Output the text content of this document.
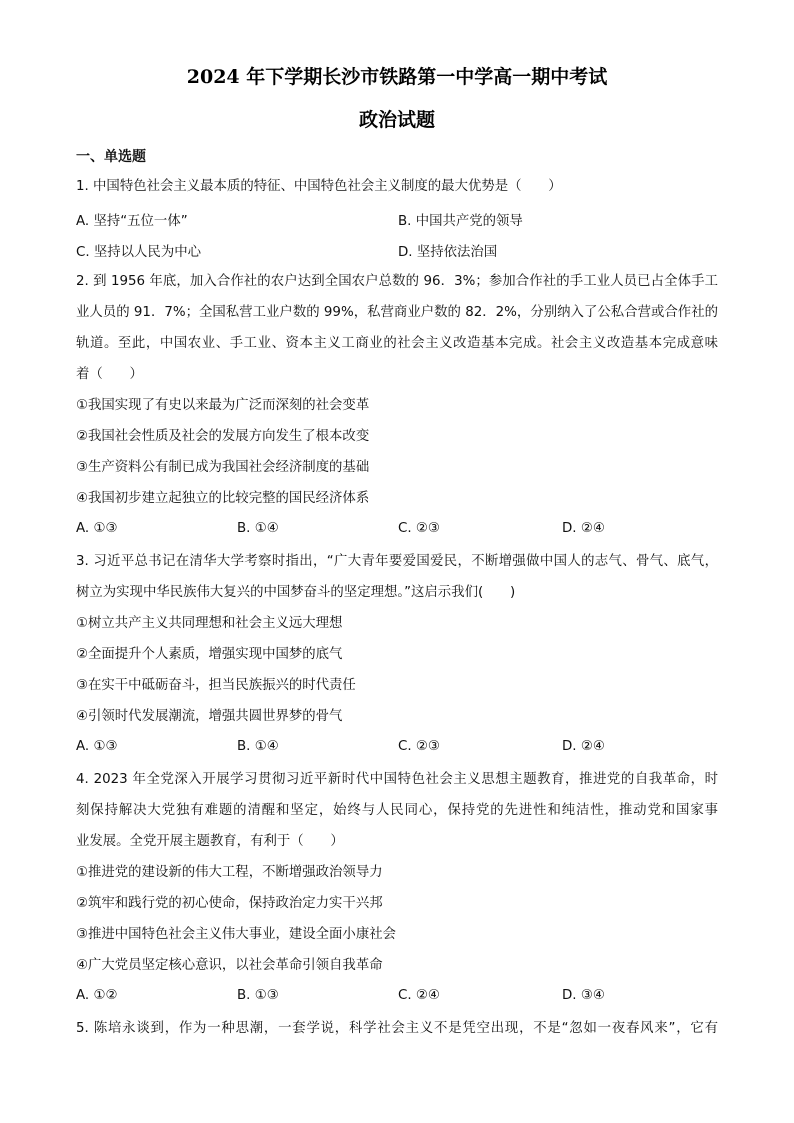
2024 年下学期长沙市铁路第一中学高一期中考试
政治试题
一、单选题
1. 中国特色社会主义最本质的特征、中国特色社会主义制度的最大优势是（　　）
A. 坚持“五位一体”	B. 中国共产党的领导
C. 坚持以人民为中心	D. 坚持依法治国
2. 到 1956 年底，加入合作社的农户达到全国农户总数的 96．3%；参加合作社的手工业人员已占全体手工
业人员的 91．7%；全国私营工业户数的 99%，私营商业户数的 82．2%，分别纳入了公私合营或合作社的
轨道。至此，中国农业、手工业、资本主义工商业的社会主义改造基本完成。社会主义改造基本完成意味
着（　　）
①我国实现了有史以来最为广泛而深刻的社会变革
②我国社会性质及社会的发展方向发生了根本改变
③生产资料公有制已成为我国社会经济制度的基础
④我国初步建立起独立的比较完整的国民经济体系
A. ①③	B. ①④	C. ②③	D. ②④
3. 习近平总书记在清华大学考察时指出，“广大青年要爱国爱民，不断增强做中国人的志气、骨气、底气，
树立为实现中华民族伟大复兴的中国梦奋斗的坚定理想。”这启示我们(　　)
①树立共产主义共同理想和社会主义远大理想
②全面提升个人素质，增强实现中国梦的底气
③在实干中砥砺奋斗，担当民族振兴的时代责任
④引领时代发展潮流，增强共圆世界梦的骨气
A. ①③	B. ①④	C. ②③	D. ②④
4. 2023 年全党深入开展学习贯彻习近平新时代中国特色社会主义思想主题教育，推进党的自我革命，时
刻保持解决大党独有难题的清醒和坚定，始终与人民同心，保持党的先进性和纯洁性，推动党和国家事
业发展。全党开展主题教育，有利于（　　）
①推进党的建设新的伟大工程，不断增强政治领导力
②筑牢和践行党的初心使命，保持政治定力实干兴邦
③推进中国特色社会主义伟大事业，建设全面小康社会
④广大党员坚定核心意识，以社会革命引领自我革命
A. ①②	B. ①③	C. ②④	D. ③④
5. 陈培永谈到，作为一种思潮，一套学说，科学社会主义不是凭空出现，不是“忽如一夜春风来”，它有
